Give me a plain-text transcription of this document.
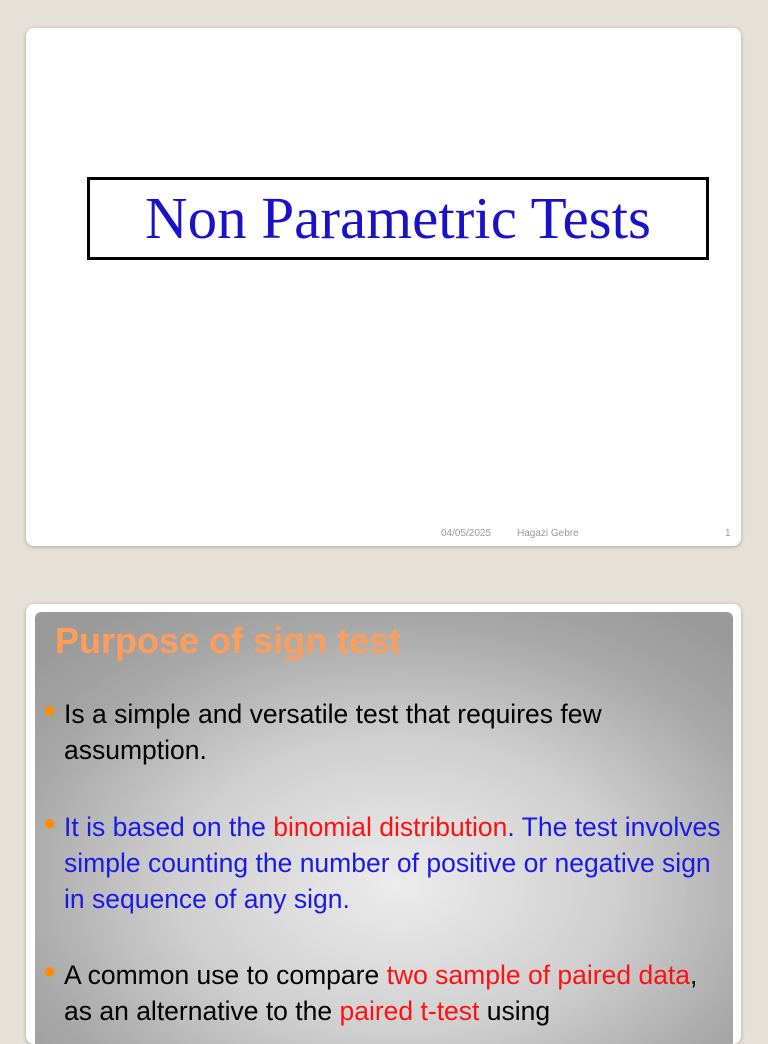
Non Parametric Tests
04/05/2025	Hagazi Gebre	1
Purpose of sign test
● Is a simple and versatile test that requires few assumption.
● It is based on the binomial distribution. The test involves simple counting the number of positive or negative sign in sequence of any sign.
● A common use to compare two sample of paired data, as an alternative to the paired t-test using
